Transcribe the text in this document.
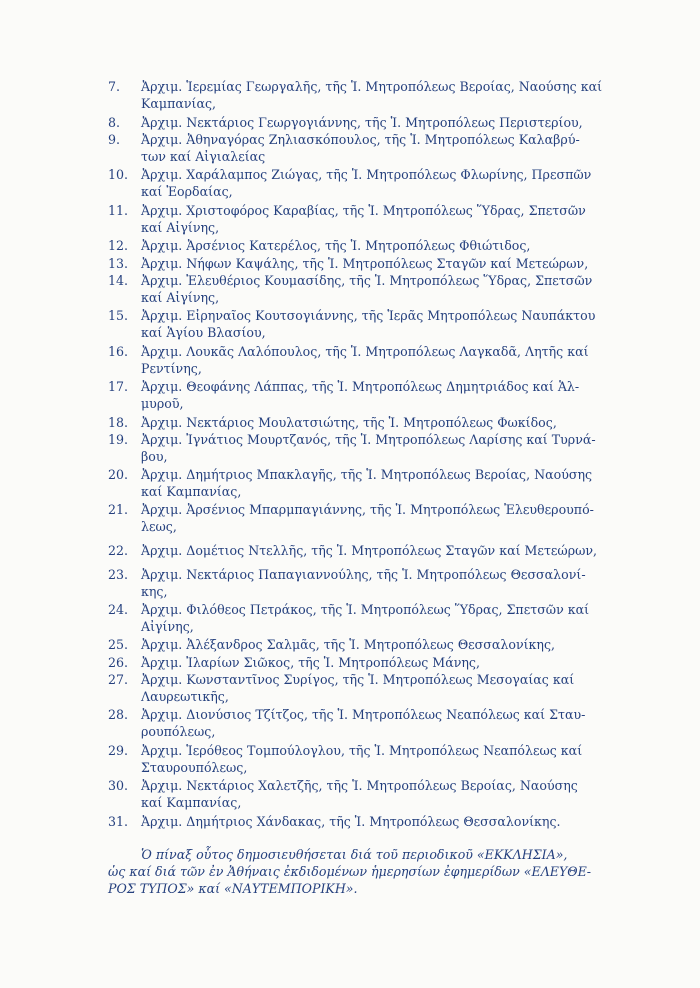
7.	Ἀρχιμ. Ἱερεμίας Γεωργαλῆς, τῆς Ἱ. Μητροπόλεως Βεροίας, Ναούσης καί
Καμπανίας,
8.	Ἀρχιμ. Νεκτάριος Γεωργογιάννης, τῆς Ἱ. Μητροπόλεως Περιστερίου,
9.	Ἀρχιμ. Ἀθηναγόρας Ζηλιασκόπουλος, τῆς Ἱ. Μητροπόλεως Καλαβρύ-
των καί Αἰγιαλείας
10.	Ἀρχιμ. Χαράλαμπος Ζιώγας, τῆς Ἱ. Μητροπόλεως Φλωρίνης, Πρεσπῶν
καί Ἐορδαίας,
11.	Ἀρχιμ. Χριστοφόρος Καραβίας, τῆς Ἱ. Μητροπόλεως Ὕδρας, Σπετσῶν
καί Αἰγίνης,
12.	Ἀρχιμ. Ἀρσένιος Κατερέλος, τῆς Ἱ. Μητροπόλεως Φθιώτιδος,
13.	Ἀρχιμ. Νήφων Καψάλης, τῆς Ἱ. Μητροπόλεως Σταγῶν καί Μετεώρων,
14.	Ἀρχιμ. Ἐλευθέριος Κουμασίδης, τῆς Ἱ. Μητροπόλεως Ὕδρας, Σπετσῶν
καί Αἰγίνης,
15.	Ἀρχιμ. Εἰρηναῖος Κουτσογιάννης, τῆς Ἱερᾶς Μητροπόλεως Ναυπάκτου
καί Ἁγίου Βλασίου,
16.	Ἀρχιμ. Λουκᾶς Λαλόπουλος, τῆς Ἱ. Μητροπόλεως Λαγκαδᾶ, Λητῆς καί
Ρεντίνης,
17.	Ἀρχιμ. Θεοφάνης Λάππας, τῆς Ἱ. Μητροπόλεως Δημητριάδος καί Ἁλ-
μυροῦ,
18.	Ἀρχιμ. Νεκτάριος Μουλατσιώτης, τῆς Ἱ. Μητροπόλεως Φωκίδος,
19.	Ἀρχιμ. Ἰγνάτιος Μουρτζανός, τῆς Ἱ. Μητροπόλεως Λαρίσης καί Τυρνά-
βου,
20.	Ἀρχιμ. Δημήτριος Μπακλαγῆς, τῆς Ἱ. Μητροπόλεως Βεροίας, Ναούσης
καί Καμπανίας,
21.	Ἀρχιμ. Ἀρσένιος Μπαρμπαγιάννης, τῆς Ἱ. Μητροπόλεως Ἐλευθερουπό-
λεως,
22.	Ἀρχιμ. Δομέτιος Ντελλῆς, τῆς Ἱ. Μητροπόλεως Σταγῶν καί Μετεώρων,
23.	Ἀρχιμ. Νεκτάριος Παπαγιαννούλης, τῆς Ἱ. Μητροπόλεως Θεσσαλονί-
κης,
24.	Ἀρχιμ. Φιλόθεος Πετράκος, τῆς Ἱ. Μητροπόλεως Ὕδρας, Σπετσῶν καί
Αἰγίνης,
25.	Ἀρχιμ. Ἀλέξανδρος Σαλμᾶς, τῆς Ἱ. Μητροπόλεως Θεσσαλονίκης,
26.	Ἀρχιμ. Ἰλαρίων Σιῶκος, τῆς Ἱ. Μητροπόλεως Μάνης,
27.	Ἀρχιμ. Κωνσταντῖνος Συρίγος, τῆς Ἱ. Μητροπόλεως Μεσογαίας καί
Λαυρεωτικῆς,
28.	Ἀρχιμ. Διονύσιος Τζίτζος, τῆς Ἱ. Μητροπόλεως Νεαπόλεως καί Σταυ-
ρουπόλεως,
29.	Ἀρχιμ. Ἱερόθεος Τομπούλογλου, τῆς Ἱ. Μητροπόλεως Νεαπόλεως καί
Σταυρουπόλεως,
30.	Ἀρχιμ. Νεκτάριος Χαλετζῆς, τῆς Ἱ. Μητροπόλεως Βεροίας, Ναούσης
καί Καμπανίας,
31.	Ἀρχιμ. Δημήτριος Χάνδακας, τῆς Ἱ. Μητροπόλεως Θεσσαλονίκης.
Ὁ πίναξ οὗτος δημοσιευθήσεται διά τοῦ περιοδικοῦ «ΕΚΚΛΗΣΙΑ»,
ὡς καί διά τῶν ἐν Ἀθήναις ἐκδιδομένων ἡμερησίων ἐφημερίδων «ΕΛΕΥΘΕ-
ΡΟΣ ΤΥΠΟΣ» καί «ΝΑΥΤΕΜΠΟΡΙΚΗ».
